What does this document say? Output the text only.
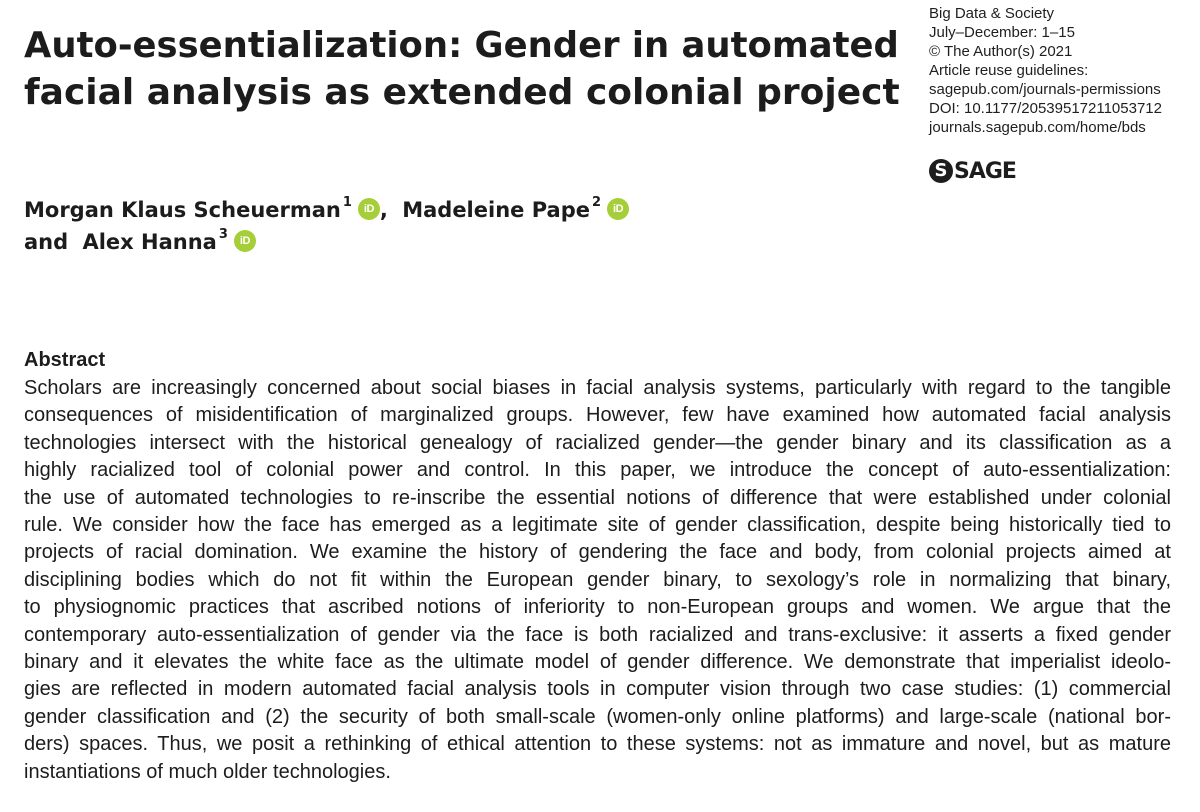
Auto-essentialization: Gender in automated
facial analysis as extended colonial project
Big Data & Society
July–December: 1–15
© The Author(s) 2021
Article reuse guidelines:
sagepub.com/journals-permissions
DOI: 10.1177/20539517211053712
journals.sagepub.com/home/bds
S SAGE
Morgan Klaus Scheuerman$^1$ iD , Madeleine Pape$^2$ iD
and Alex Hanna$^3$ iD
Abstract
Scholars are increasingly concerned about social biases in facial analysis systems, particularly with regard to the tangible
consequences of misidentification of marginalized groups. However, few have examined how automated facial analysis
technologies intersect with the historical genealogy of racialized gender—the gender binary and its classification as a
highly racialized tool of colonial power and control. In this paper, we introduce the concept of auto-essentialization:
the use of automated technologies to re-inscribe the essential notions of difference that were established under colonial
rule. We consider how the face has emerged as a legitimate site of gender classification, despite being historically tied to
projects of racial domination. We examine the history of gendering the face and body, from colonial projects aimed at
disciplining bodies which do not fit within the European gender binary, to sexology’s role in normalizing that binary,
to physiognomic practices that ascribed notions of inferiority to non-European groups and women. We argue that the
contemporary auto-essentialization of gender via the face is both racialized and trans-exclusive: it asserts a fixed gender
binary and it elevates the white face as the ultimate model of gender difference. We demonstrate that imperialist ideolo-
gies are reflected in modern automated facial analysis tools in computer vision through two case studies: (1) commercial
gender classification and (2) the security of both small-scale (women-only online platforms) and large-scale (national bor-
ders) spaces. Thus, we posit a rethinking of ethical attention to these systems: not as immature and novel, but as mature
instantiations of much older technologies.
